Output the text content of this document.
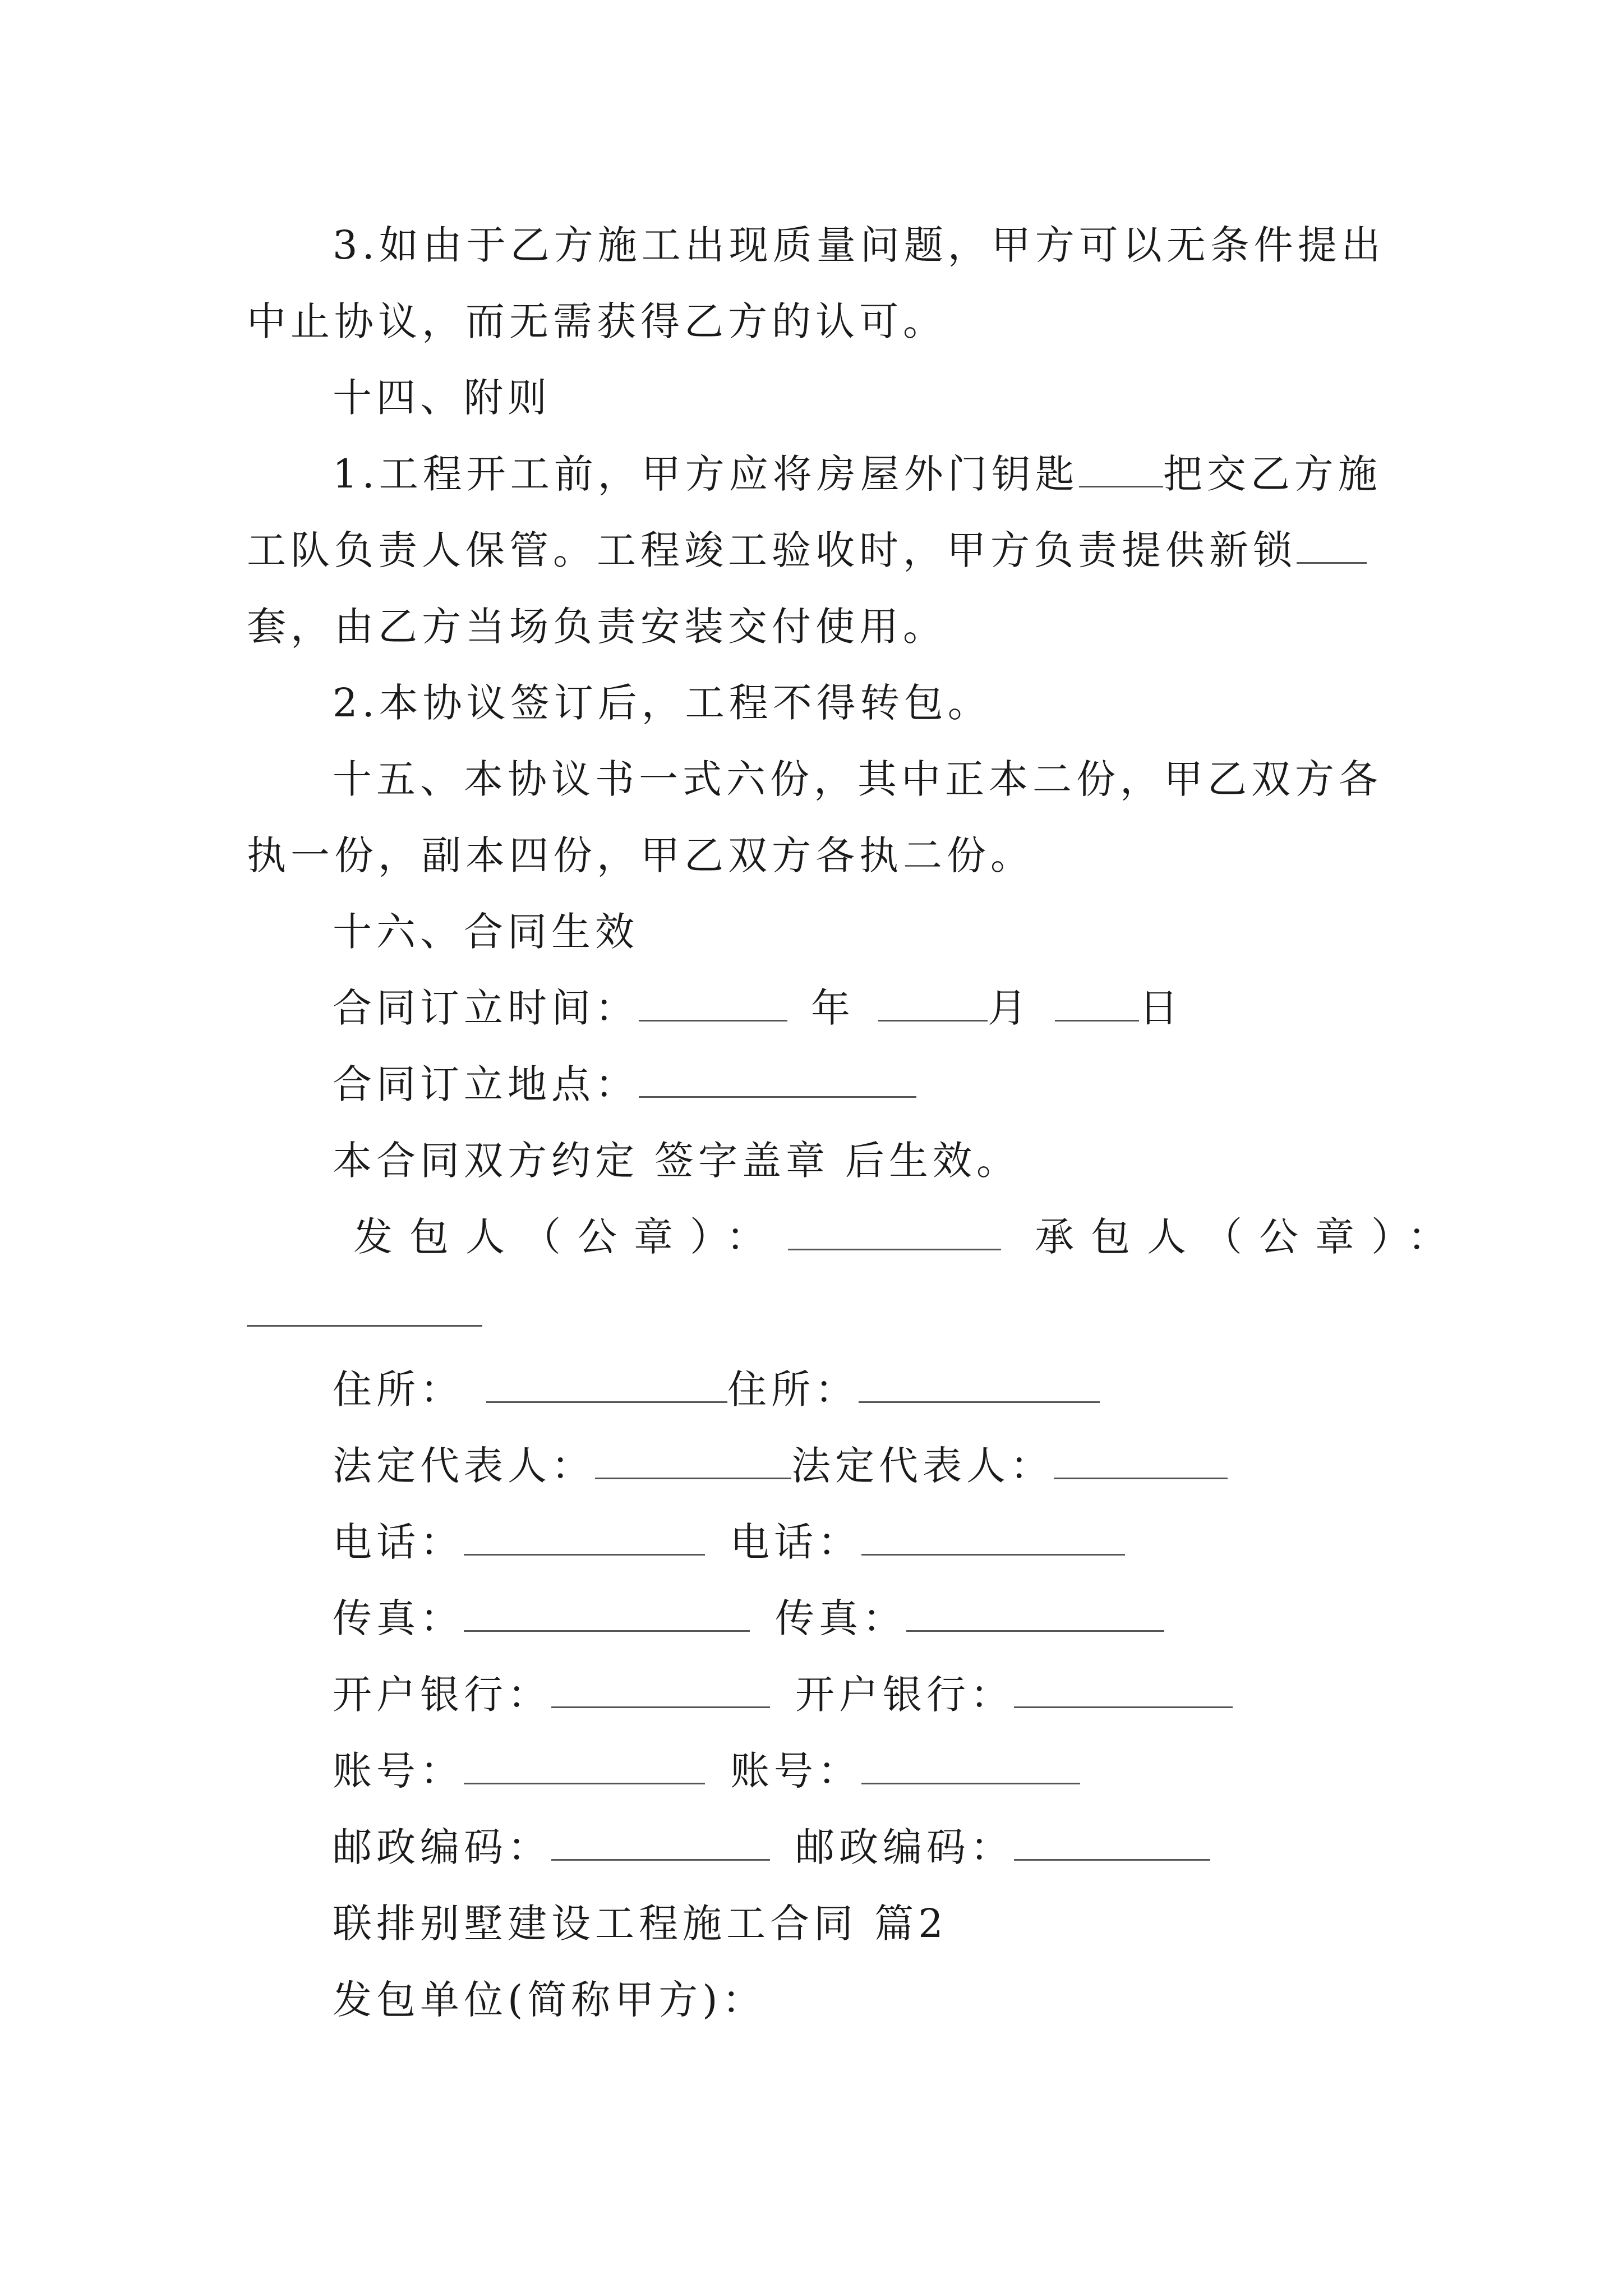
3.如由于乙方施工出现质量问题，甲方可以无条件提出
中止协议，而无需获得乙方的认可。
十四、附则
1.工程开工前，甲方应将房屋外门钥匙 把交乙方施
工队负责人保管。工程竣工验收时，甲方负责提供新锁
套，由乙方当场负责安装交付使用。
2.本协议签订后，工程不得转包。
十五、本协议书一式六份，其中正本二份，甲乙双方各
执一份，副本四份，甲乙双方各执二份。
十六、合同生效
合同订立时间：	年	月	日
合同订立地点：
本合同双方约定 签字盖章 后生效。
发包人（公章）：	承包人（公章）：
住所：	住所：
法定代表人：	法定代表人：
电话：	电话：
传真：	传真：
开户银行：	开户银行：
账号：	账号：
邮政编码：	邮政编码：
联排别墅建设工程施工合同 篇2
发包单位(简称甲方)：
